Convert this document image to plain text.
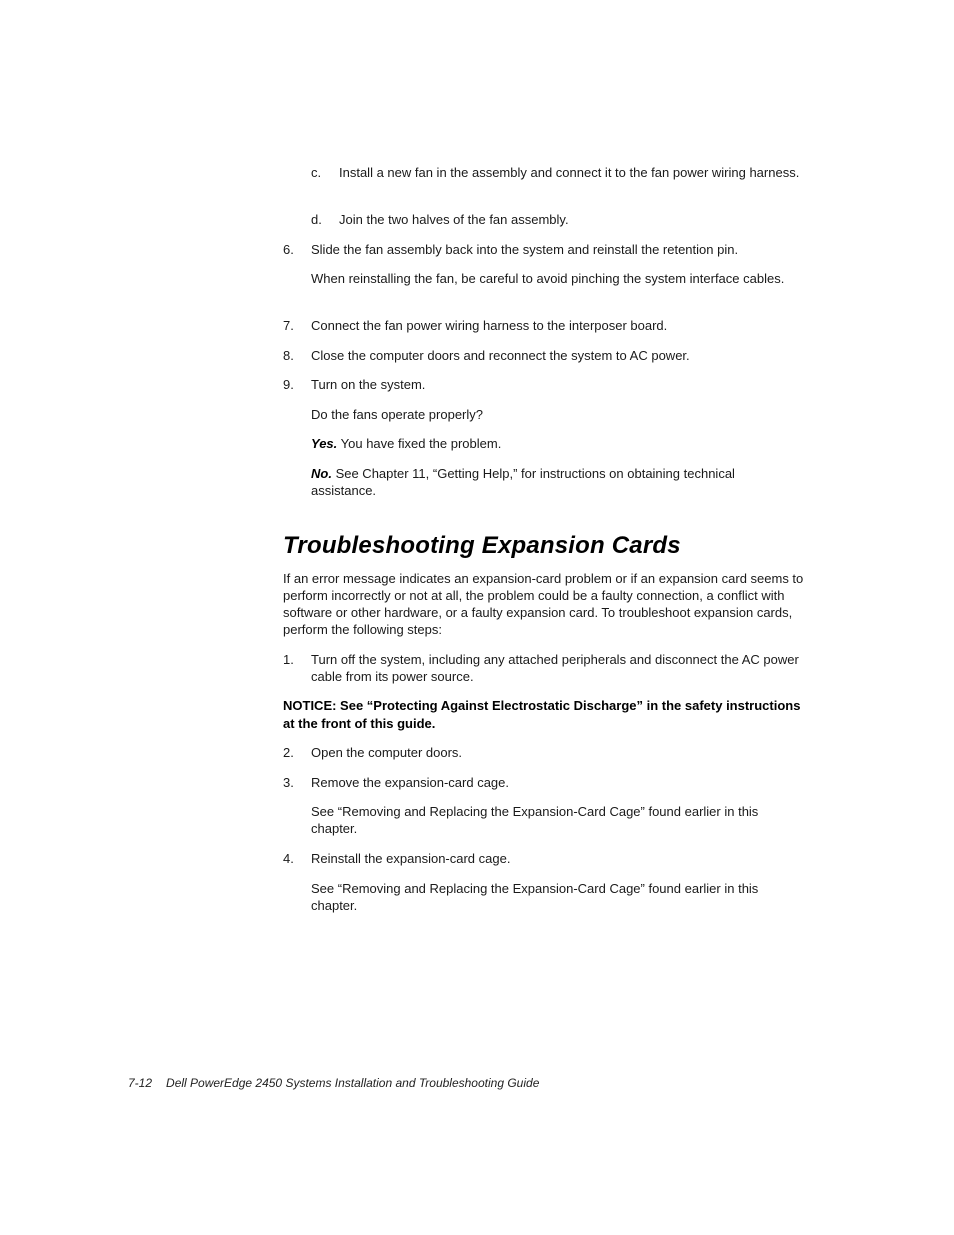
c. Install a new fan in the assembly and connect it to the fan power wiring harness.
d. Join the two halves of the fan assembly.
6. Slide the fan assembly back into the system and reinstall the retention pin.
When reinstalling the fan, be careful to avoid pinching the system interface cables.
7. Connect the fan power wiring harness to the interposer board.
8. Close the computer doors and reconnect the system to AC power.
9. Turn on the system.
Do the fans operate properly?
Yes. You have fixed the problem.
No. See Chapter 11, “Getting Help,” for instructions on obtaining technical assistance.
Troubleshooting Expansion Cards

If an error message indicates an expansion-card problem or if an expansion card seems to perform incorrectly or not at all, the problem could be a faulty connection, a conflict with software or other hardware, or a faulty expansion card. To troubleshoot expansion cards, perform the following steps:

1. Turn off the system, including any attached peripherals and disconnect the AC power cable from its power source.
NOTICE: See “Protecting Against Electrostatic Discharge” in the safety instructions at the front of this guide.
2. Open the computer doors.
3. Remove the expansion-card cage.
See “Removing and Replacing the Expansion-Card Cage” found earlier in this chapter.
4. Reinstall the expansion-card cage.
See “Removing and Replacing the Expansion-Card Cage” found earlier in this chapter.
7-12 Dell PowerEdge 2450 Systems Installation and Troubleshooting Guide
